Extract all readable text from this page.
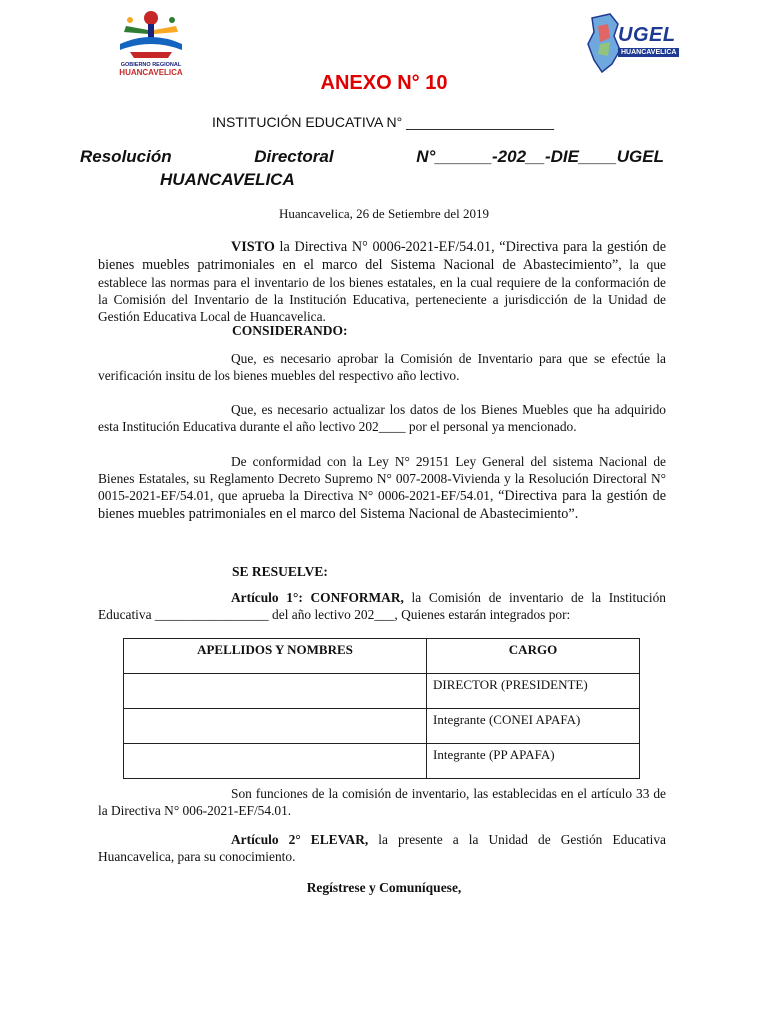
GOBIERNO REGIONAL
HUANCAVELICA
UGEL
HUANCAVELICA
ANEXO N° 10
INSTITUCIÓN EDUCATIVA N° ___________________
Resolución	Directoral	N°______-202__-DIE____UGEL
HUANCAVELICA
Huancavelica, 26 de Setiembre del 2019
VISTO la Directiva N° 0006-2021-EF/54.01, “Directiva para la gestión de bienes muebles patrimoniales en el marco del Sistema Nacional de Abastecimiento”, la que establece las normas para el inventario de los bienes estatales, en la cual requiere de la conformación de la Comisión del Inventario de la Institución Educativa, perteneciente a jurisdicción de la Unidad de Gestión Educativa Local de Huancavelica.
CONSIDERANDO:
Que, es necesario aprobar la Comisión de Inventario para que se efectúe la verificación insitu de los bienes muebles del respectivo año lectivo.
Que, es necesario actualizar los datos de los Bienes Muebles que ha adquirido esta Institución Educativa durante el año lectivo 202____ por el personal ya mencionado.
De conformidad con la Ley N° 29151 Ley General del sistema Nacional de Bienes Estatales, su Reglamento Decreto Supremo N° 007-2008-Vivienda y la Resolución Directoral N° 0015-2021-EF/54.01, que aprueba la Directiva N° 0006-2021-EF/54.01, “Directiva para la gestión de bienes muebles patrimoniales en el marco del Sistema Nacional de Abastecimiento”.
SE RESUELVE:
Artículo 1°: CONFORMAR, la Comisión de inventario de la Institución Educativa _________________ del año lectivo 202___, Quienes estarán integrados por:
APELLIDOS Y NOMBRES	CARGO
	DIRECTOR (PRESIDENTE)
	Integrante (CONEI APAFA)
	Integrante (PP APAFA)
Son funciones de la comisión de inventario, las establecidas en el artículo 33 de la Directiva N° 006-2021-EF/54.01.
Artículo 2° ELEVAR, la presente a la Unidad de Gestión Educativa Huancavelica, para su conocimiento.
Regístrese y Comuníquese,
